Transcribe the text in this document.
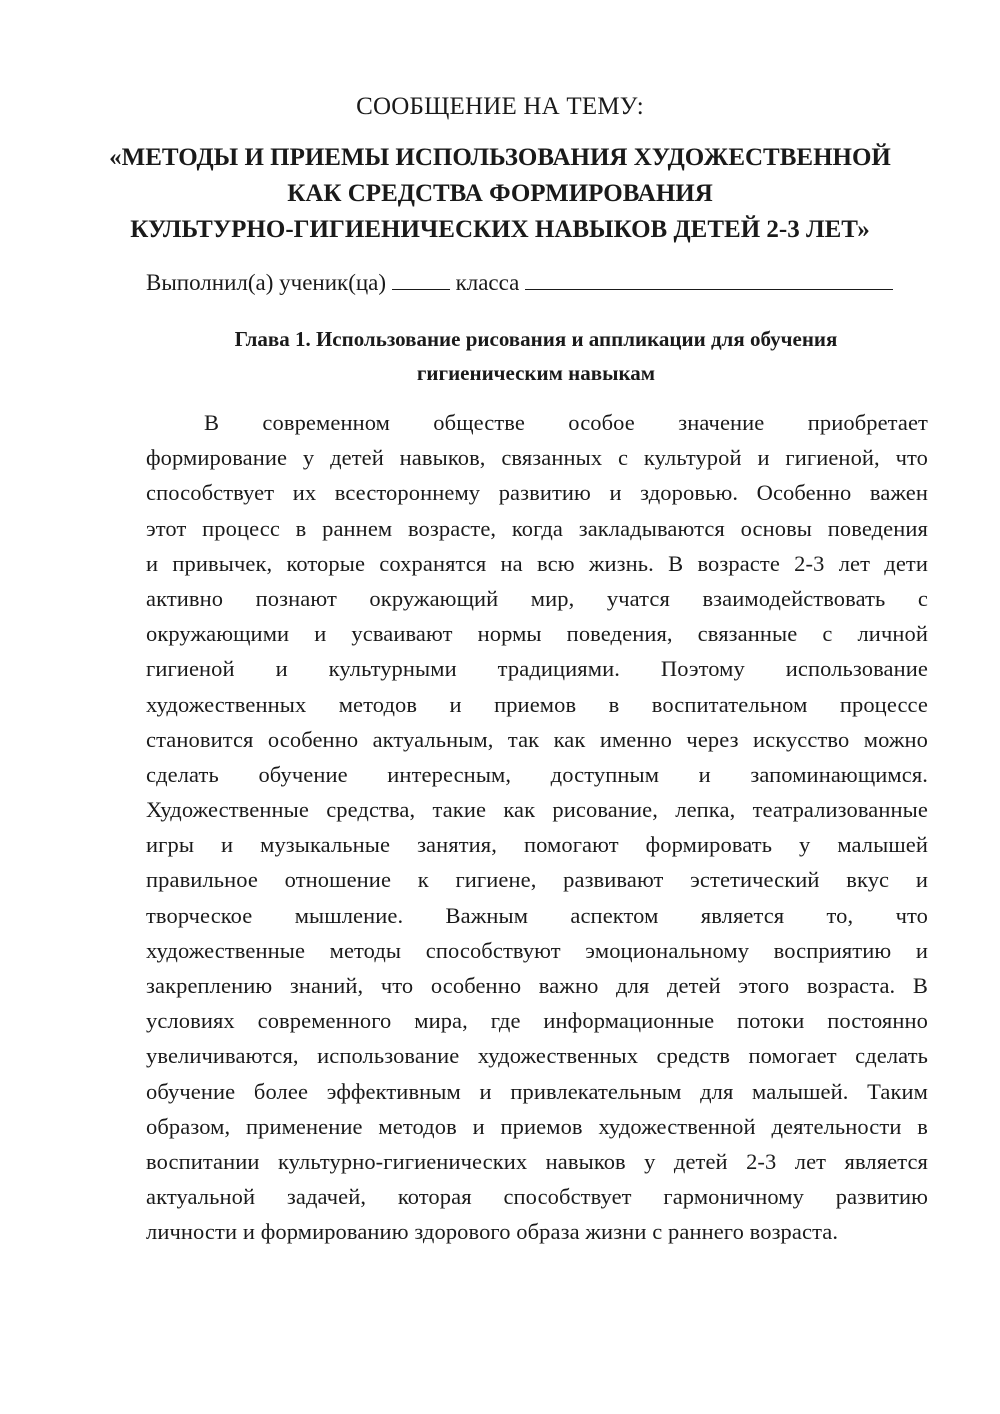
СООБЩЕНИЕ НА ТЕМУ:
«МЕТОДЫ И ПРИЕМЫ ИСПОЛЬЗОВАНИЯ ХУДОЖЕСТВЕННОЙ
КАК СРЕДСТВА ФОРМИРОВАНИЯ
КУЛЬТУРНО-ГИГИЕНИЧЕСКИХ НАВЫКОВ ДЕТЕЙ 2-3 ЛЕТ»
Выполнил(а) ученик(ца)	класса
Глава 1. Использование рисования и аппликации для обучения
гигиеническим навыкам
В современном обществе особое значение приобретает
формирование у детей навыков, связанных с культурой и гигиеной, что
способствует их всестороннему развитию и здоровью. Особенно важен
этот процесс в раннем возрасте, когда закладываются основы поведения
и привычек, которые сохранятся на всю жизнь. В возрасте 2-3 лет дети
активно познают окружающий мир, учатся взаимодействовать с
окружающими и усваивают нормы поведения, связанные с личной
гигиеной и культурными традициями. Поэтому использование
художественных методов и приемов в воспитательном процессе
становится особенно актуальным, так как именно через искусство можно
сделать обучение интересным, доступным и запоминающимся.
Художественные средства, такие как рисование, лепка, театрализованные
игры и музыкальные занятия, помогают формировать у малышей
правильное отношение к гигиене, развивают эстетический вкус и
творческое мышление. Важным аспектом является то, что
художественные методы способствуют эмоциональному восприятию и
закреплению знаний, что особенно важно для детей этого возраста. В
условиях современного мира, где информационные потоки постоянно
увеличиваются, использование художественных средств помогает сделать
обучение более эффективным и привлекательным для малышей. Таким
образом, применение методов и приемов художественной деятельности в
воспитании культурно-гигиенических навыков у детей 2-3 лет является
актуальной задачей, которая способствует гармоничному развитию
личности и формированию здорового образа жизни с раннего возраста.
